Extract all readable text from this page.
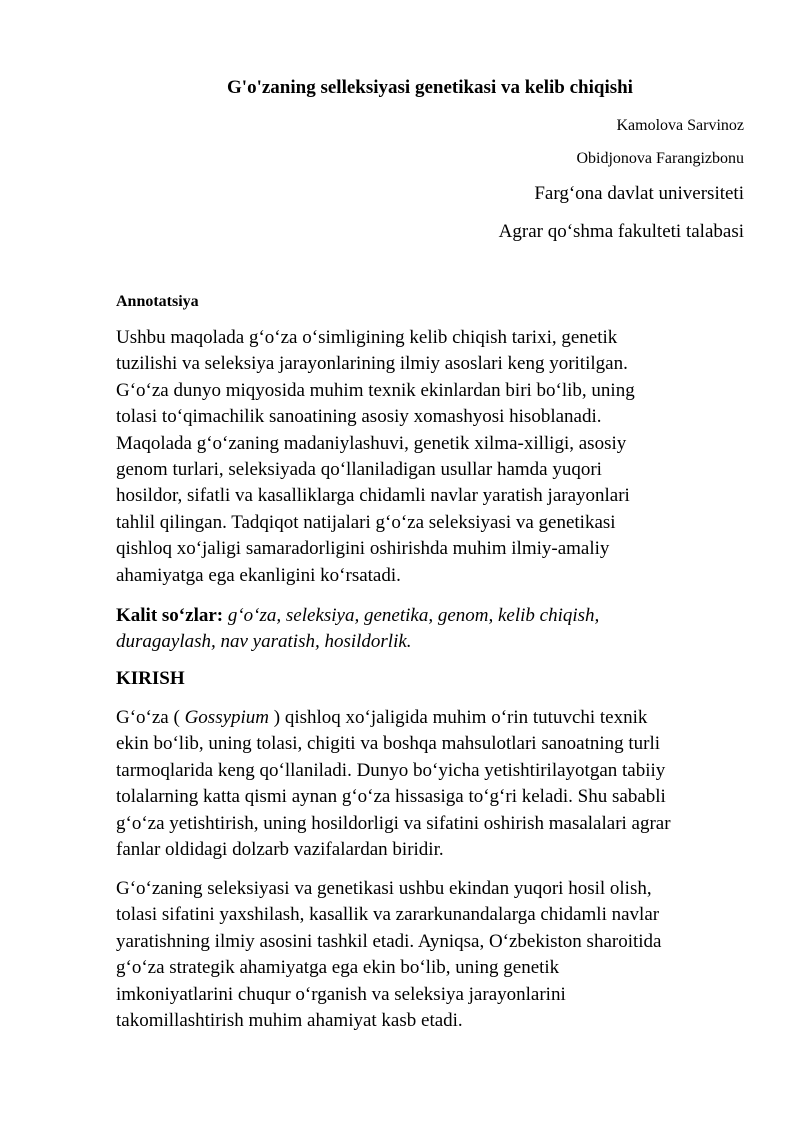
G'o'zaning selleksiyasi genetikasi va kelib chiqishi

Kamolova Sarvinoz

Obidjonova Farangizbonu

Farg‘ona davlat universiteti

Agrar qo‘shma fakulteti talabasi

Annotatsiya

Ushbu maqolada g‘o‘za o‘simligining kelib chiqish tarixi, genetik
tuzilishi va seleksiya jarayonlarining ilmiy asoslari keng yoritilgan.
G‘o‘za dunyo miqyosida muhim texnik ekinlardan biri bo‘lib, uning
tolasi to‘qimachilik sanoatining asosiy xomashyosi hisoblanadi.
Maqolada g‘o‘zaning madaniylashuvi, genetik xilma-xilligi, asosiy
genom turlari, seleksiyada qo‘llaniladigan usullar hamda yuqori
hosildor, sifatli va kasalliklarga chidamli navlar yaratish jarayonlari
tahlil qilingan. Tadqiqot natijalari g‘o‘za seleksiyasi va genetikasi
qishloq xo‘jaligi samaradorligini oshirishda muhim ilmiy-amaliy
ahamiyatga ega ekanligini ko‘rsatadi.

Kalit so‘zlar: g‘o‘za, seleksiya, genetika, genom, kelib chiqish,
duragaylash, nav yaratish, hosildorlik.

KIRISH

G‘o‘za ( Gossypium ) qishloq xo‘jaligida muhim o‘rin tutuvchi texnik
ekin bo‘lib, uning tolasi, chigiti va boshqa mahsulotlari sanoatning turli
tarmoqlarida keng qo‘llaniladi. Dunyo bo‘yicha yetishtirilayotgan tabiiy
tolalarning katta qismi aynan g‘o‘za hissasiga to‘g‘ri keladi. Shu sababli
g‘o‘za yetishtirish, uning hosildorligi va sifatini oshirish masalalari agrar
fanlar oldidagi dolzarb vazifalardan biridir.

G‘o‘zaning seleksiyasi va genetikasi ushbu ekindan yuqori hosil olish,
tolasi sifatini yaxshilash, kasallik va zararkunandalarga chidamli navlar
yaratishning ilmiy asosini tashkil etadi. Ayniqsa, O‘zbekiston sharoitida
g‘o‘za strategik ahamiyatga ega ekin bo‘lib, uning genetik
imkoniyatlarini chuqur o‘rganish va seleksiya jarayonlarini
takomillashtirish muhim ahamiyat kasb etadi.
